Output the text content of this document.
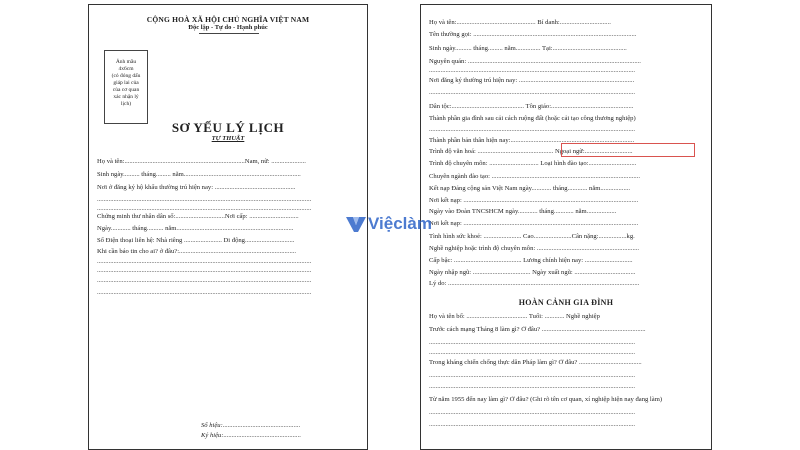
CỘNG HOÀ XÃ HỘI CHỦ NGHĨA VIỆT NAM
Độc lập - Tự do - Hạnh phúc
Ảnh mầu
4x6cm
(có đóng dấu
giáp lai của
của cơ quan
xác nhận lý
lịch)
SƠ YẾU LÝ LỊCH
TỰ THUẬT
Họ và tên:.........................................................................Nam, nữ: .....................
Sinh ngày.......... tháng......... năm.......................................................................
Nơi ở đăng ký hộ khẩu thường trú hiện nay: .................................................
..................................................................................................................................
..................................................................................................................................
Chứng minh thư nhân dân số:..............................Nơi cấp: ..............................
Ngày............ tháng.......... năm.......................................................................
Số Điện thoại liên hệ: Nhà riêng ....................... Di động..............................
Khi cần báo tin cho ai? ở đâu?:.......................................................................
..................................................................................................................................
..................................................................................................................................
..................................................................................................................................
..................................................................................................................................
Số hiệu:...............................................
Ký hiệu:...............................................
Họ và tên:................................................ Bí danh:...............................
Tên thường gọi: ...................................................................................................
Sinh ngày.......... tháng......... năm............... Tại:.............................................
Nguyên quán: .........................................................................................................
.............................................................................................................................
Nơi đăng ký thường trú hiện nay: ......................................................................
.............................................................................................................................
Dân tộc:............................................ Tôn giáo:..................................................
Thành phần gia đình sau cải cách ruộng đất (hoặc cải tạo công thương nghiệp)
.............................................................................................................................
Thành phần bản thân hiện nay:...........................................................................
Trình độ văn hoá: .............................................. Ngoại ngữ:.............................
Trình độ chuyên môn: .............................. Loại hình đào tạo:.............................
Chuyên ngành đào tạo: ..........................................................................................
Kết nạp Đảng cộng sản Việt Nam ngày............ tháng............ năm..................
Nơi kết nạp: ..........................................................................................................
Ngày vào Đoàn TNCSHCM ngày............ tháng............ năm..................
Nơi kết nạp: ..........................................................................................................
Tình hình sức khoẻ: ....................... Cao.......................Cân nặng:.................kg.
Nghề nghiệp hoặc trình độ chuyên môn: ..............................................................
Cấp bậc: ......................................... Lương chính hiện nay: .............................
Ngày nhập ngũ: ................................... Ngày xuất ngũ: .....................................
Lý do: ....................................................................................................................
HOÀN CẢNH GIA ĐÌNH
Họ và tên bố: ..................................... Tuổi: ............ Nghề nghiệp
Trước cách mạng Tháng 8 làm gì? Ở đâu? ...............................................................
.............................................................................................................................
.............................................................................................................................
Trong kháng chiến chống thực dân Pháp làm gì? Ở đâu? ......................................
.............................................................................................................................
.............................................................................................................................
Từ năm 1955 đến nay làm gì? Ở đâu? (Ghi rõ tên cơ quan, xí nghiệp hiện nay đang làm)
.............................................................................................................................
.............................................................................................................................
Việclàm
